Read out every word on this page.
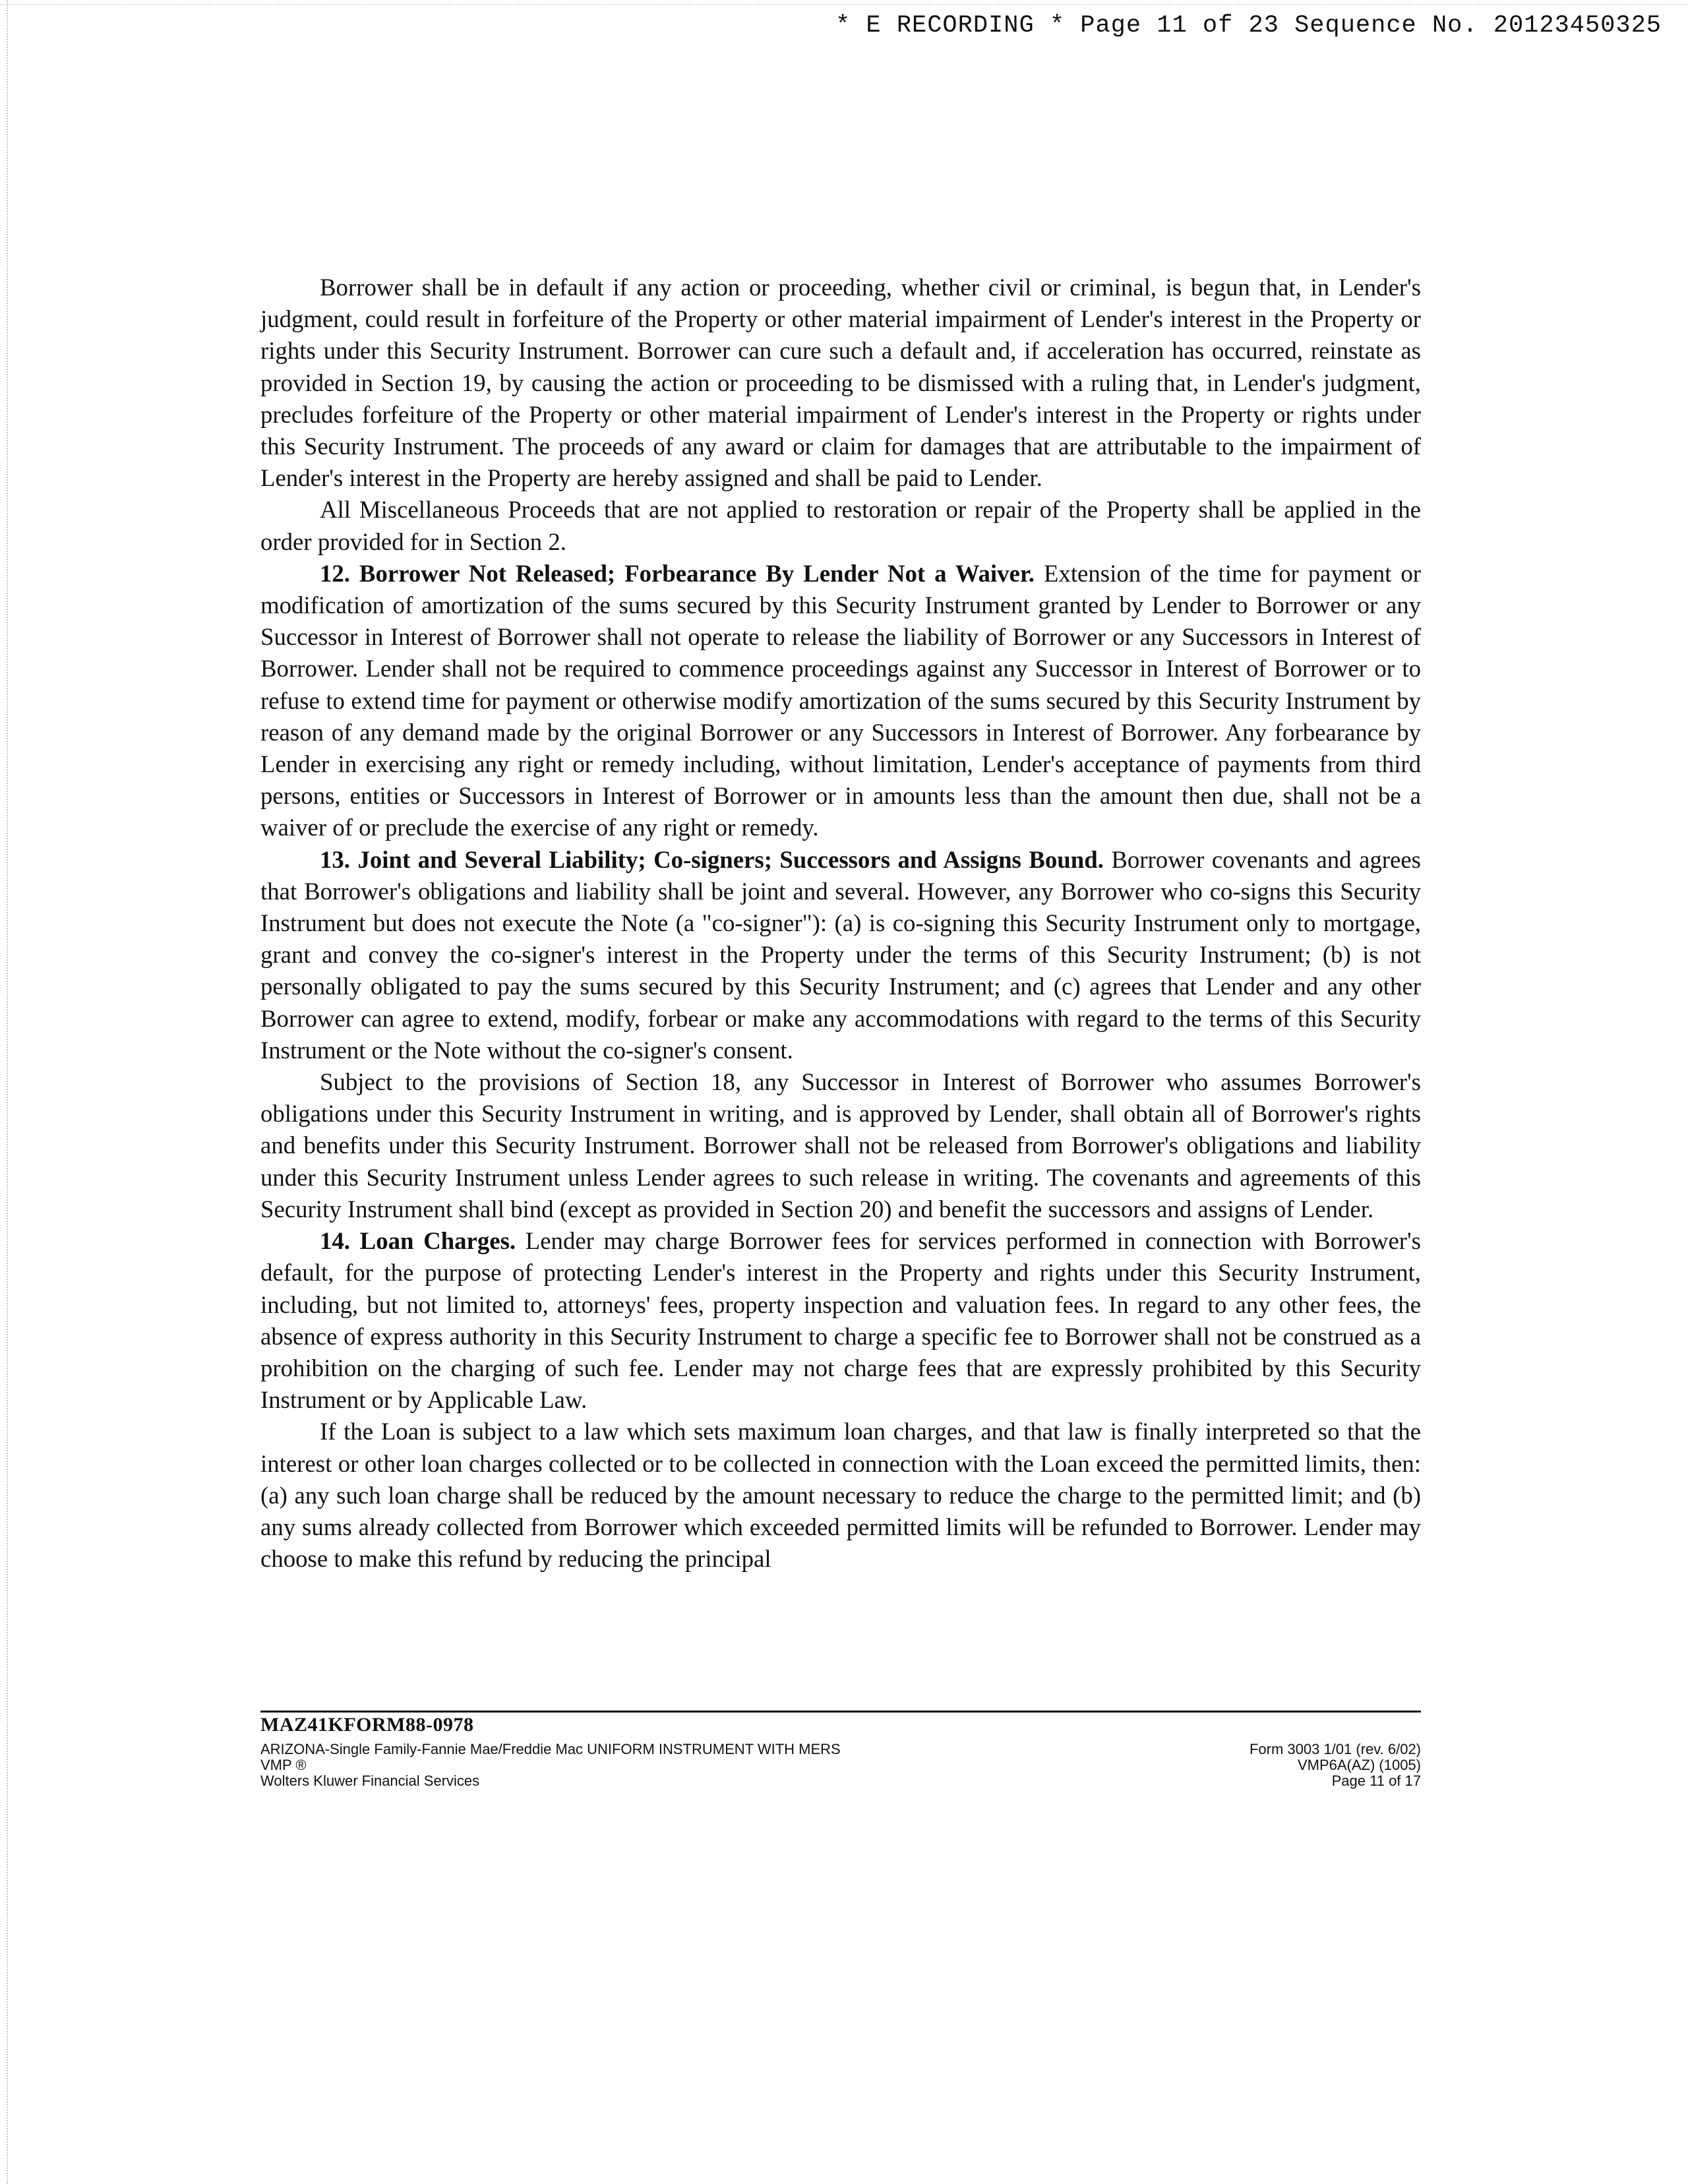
* E RECORDING * Page 11 of 23 Sequence No. 20123450325

Borrower shall be in default if any action or proceeding, whether civil or criminal, is begun that, in Lender's judgment, could result in forfeiture of the Property or other material impairment of Lender's interest in the Property or rights under this Security Instrument. Borrower can cure such a default and, if acceleration has occurred, reinstate as provided in Section 19, by causing the action or proceeding to be dismissed with a ruling that, in Lender's judgment, precludes forfeiture of the Property or other material impairment of Lender's interest in the Property or rights under this Security Instrument. The proceeds of any award or claim for damages that are attributable to the impairment of Lender's interest in the Property are hereby assigned and shall be paid to Lender.

All Miscellaneous Proceeds that are not applied to restoration or repair of the Property shall be applied in the order provided for in Section 2.

12. Borrower Not Released; Forbearance By Lender Not a Waiver. Extension of the time for payment or modification of amortization of the sums secured by this Security Instrument granted by Lender to Borrower or any Successor in Interest of Borrower shall not operate to release the liability of Borrower or any Successors in Interest of Borrower. Lender shall not be required to commence proceedings against any Successor in Interest of Borrower or to refuse to extend time for payment or otherwise modify amortization of the sums secured by this Security Instrument by reason of any demand made by the original Borrower or any Successors in Interest of Borrower. Any forbearance by Lender in exercising any right or remedy including, without limitation, Lender's acceptance of payments from third persons, entities or Successors in Interest of Borrower or in amounts less than the amount then due, shall not be a waiver of or preclude the exercise of any right or remedy.

13. Joint and Several Liability; Co-signers; Successors and Assigns Bound. Borrower covenants and agrees that Borrower's obligations and liability shall be joint and several. However, any Borrower who co-signs this Security Instrument but does not execute the Note (a "co-signer"): (a) is co-signing this Security Instrument only to mortgage, grant and convey the co-signer's interest in the Property under the terms of this Security Instrument; (b) is not personally obligated to pay the sums secured by this Security Instrument; and (c) agrees that Lender and any other Borrower can agree to extend, modify, forbear or make any accommodations with regard to the terms of this Security Instrument or the Note without the co-signer's consent.

Subject to the provisions of Section 18, any Successor in Interest of Borrower who assumes Borrower's obligations under this Security Instrument in writing, and is approved by Lender, shall obtain all of Borrower's rights and benefits under this Security Instrument. Borrower shall not be released from Borrower's obligations and liability under this Security Instrument unless Lender agrees to such release in writing. The covenants and agreements of this Security Instrument shall bind (except as provided in Section 20) and benefit the successors and assigns of Lender.

14. Loan Charges. Lender may charge Borrower fees for services performed in connection with Borrower's default, for the purpose of protecting Lender's interest in the Property and rights under this Security Instrument, including, but not limited to, attorneys' fees, property inspection and valuation fees. In regard to any other fees, the absence of express authority in this Security Instrument to charge a specific fee to Borrower shall not be construed as a prohibition on the charging of such fee. Lender may not charge fees that are expressly prohibited by this Security Instrument or by Applicable Law.

If the Loan is subject to a law which sets maximum loan charges, and that law is finally interpreted so that the interest or other loan charges collected or to be collected in connection with the Loan exceed the permitted limits, then: (a) any such loan charge shall be reduced by the amount necessary to reduce the charge to the permitted limit; and (b) any sums already collected from Borrower which exceeded permitted limits will be refunded to Borrower. Lender may choose to make this refund by reducing the principal

MAZ41KFORM88-0978
ARIZONA-Single Family-Fannie Mae/Freddie Mac UNIFORM INSTRUMENT WITH MERS
VMP ®
Wolters Kluwer Financial Services
Form 3003 1/01 (rev. 6/02)
VMP6A(AZ) (1005)
Page 11 of 17
